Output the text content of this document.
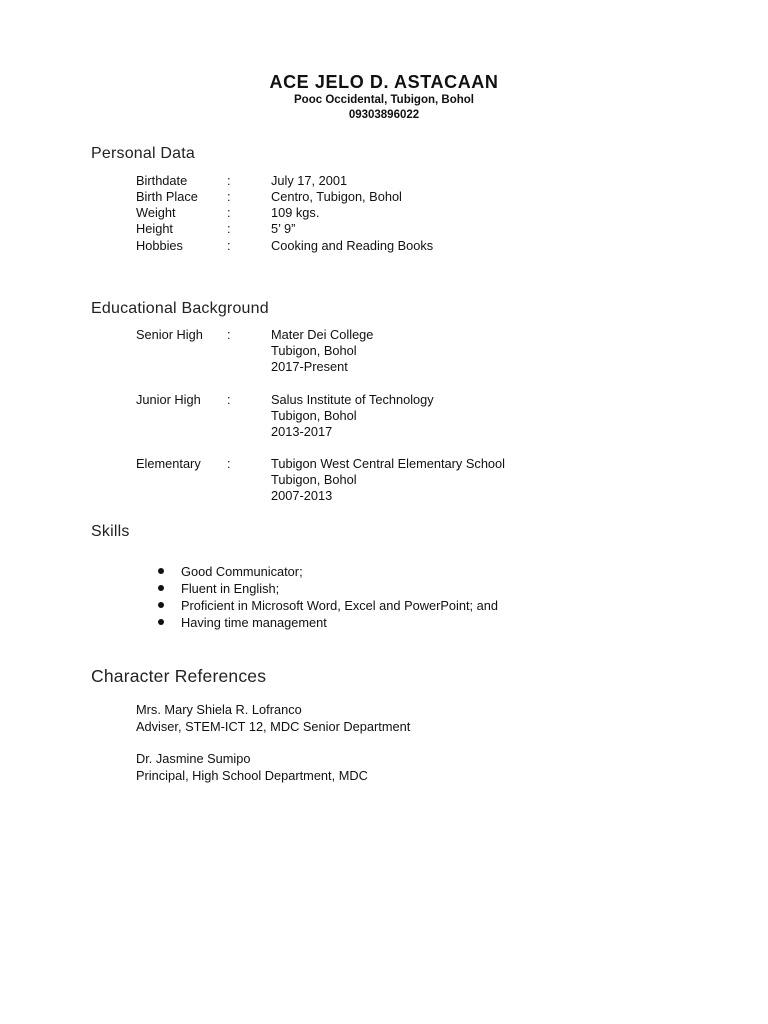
ACE JELO D. ASTACAAN
Pooc Occidental, Tubigon, Bohol
09303896022
Personal Data
Birthdate	:	July 17, 2001
Birth Place :	Centro, Tubigon, Bohol
Weight	:	109 kgs.
Height	:	5’ 9”
Hobbies	:	Cooking and Reading Books
Educational Background
Senior High :	Mater Dei College
Tubigon, Bohol
2017-Present
Junior High :	Salus Institute of Technology
Tubigon, Bohol
2013-2017
Elementary :	Tubigon West Central Elementary School
Tubigon, Bohol
2007-2013
Skills
Good Communicator;
Fluent in English;
Proficient in Microsoft Word, Excel and PowerPoint; and
Having time management
Character References
Mrs. Mary Shiela R. Lofranco
Adviser, STEM-ICT 12, MDC Senior Department
Dr. Jasmine Sumipo
Principal, High School Department, MDC
